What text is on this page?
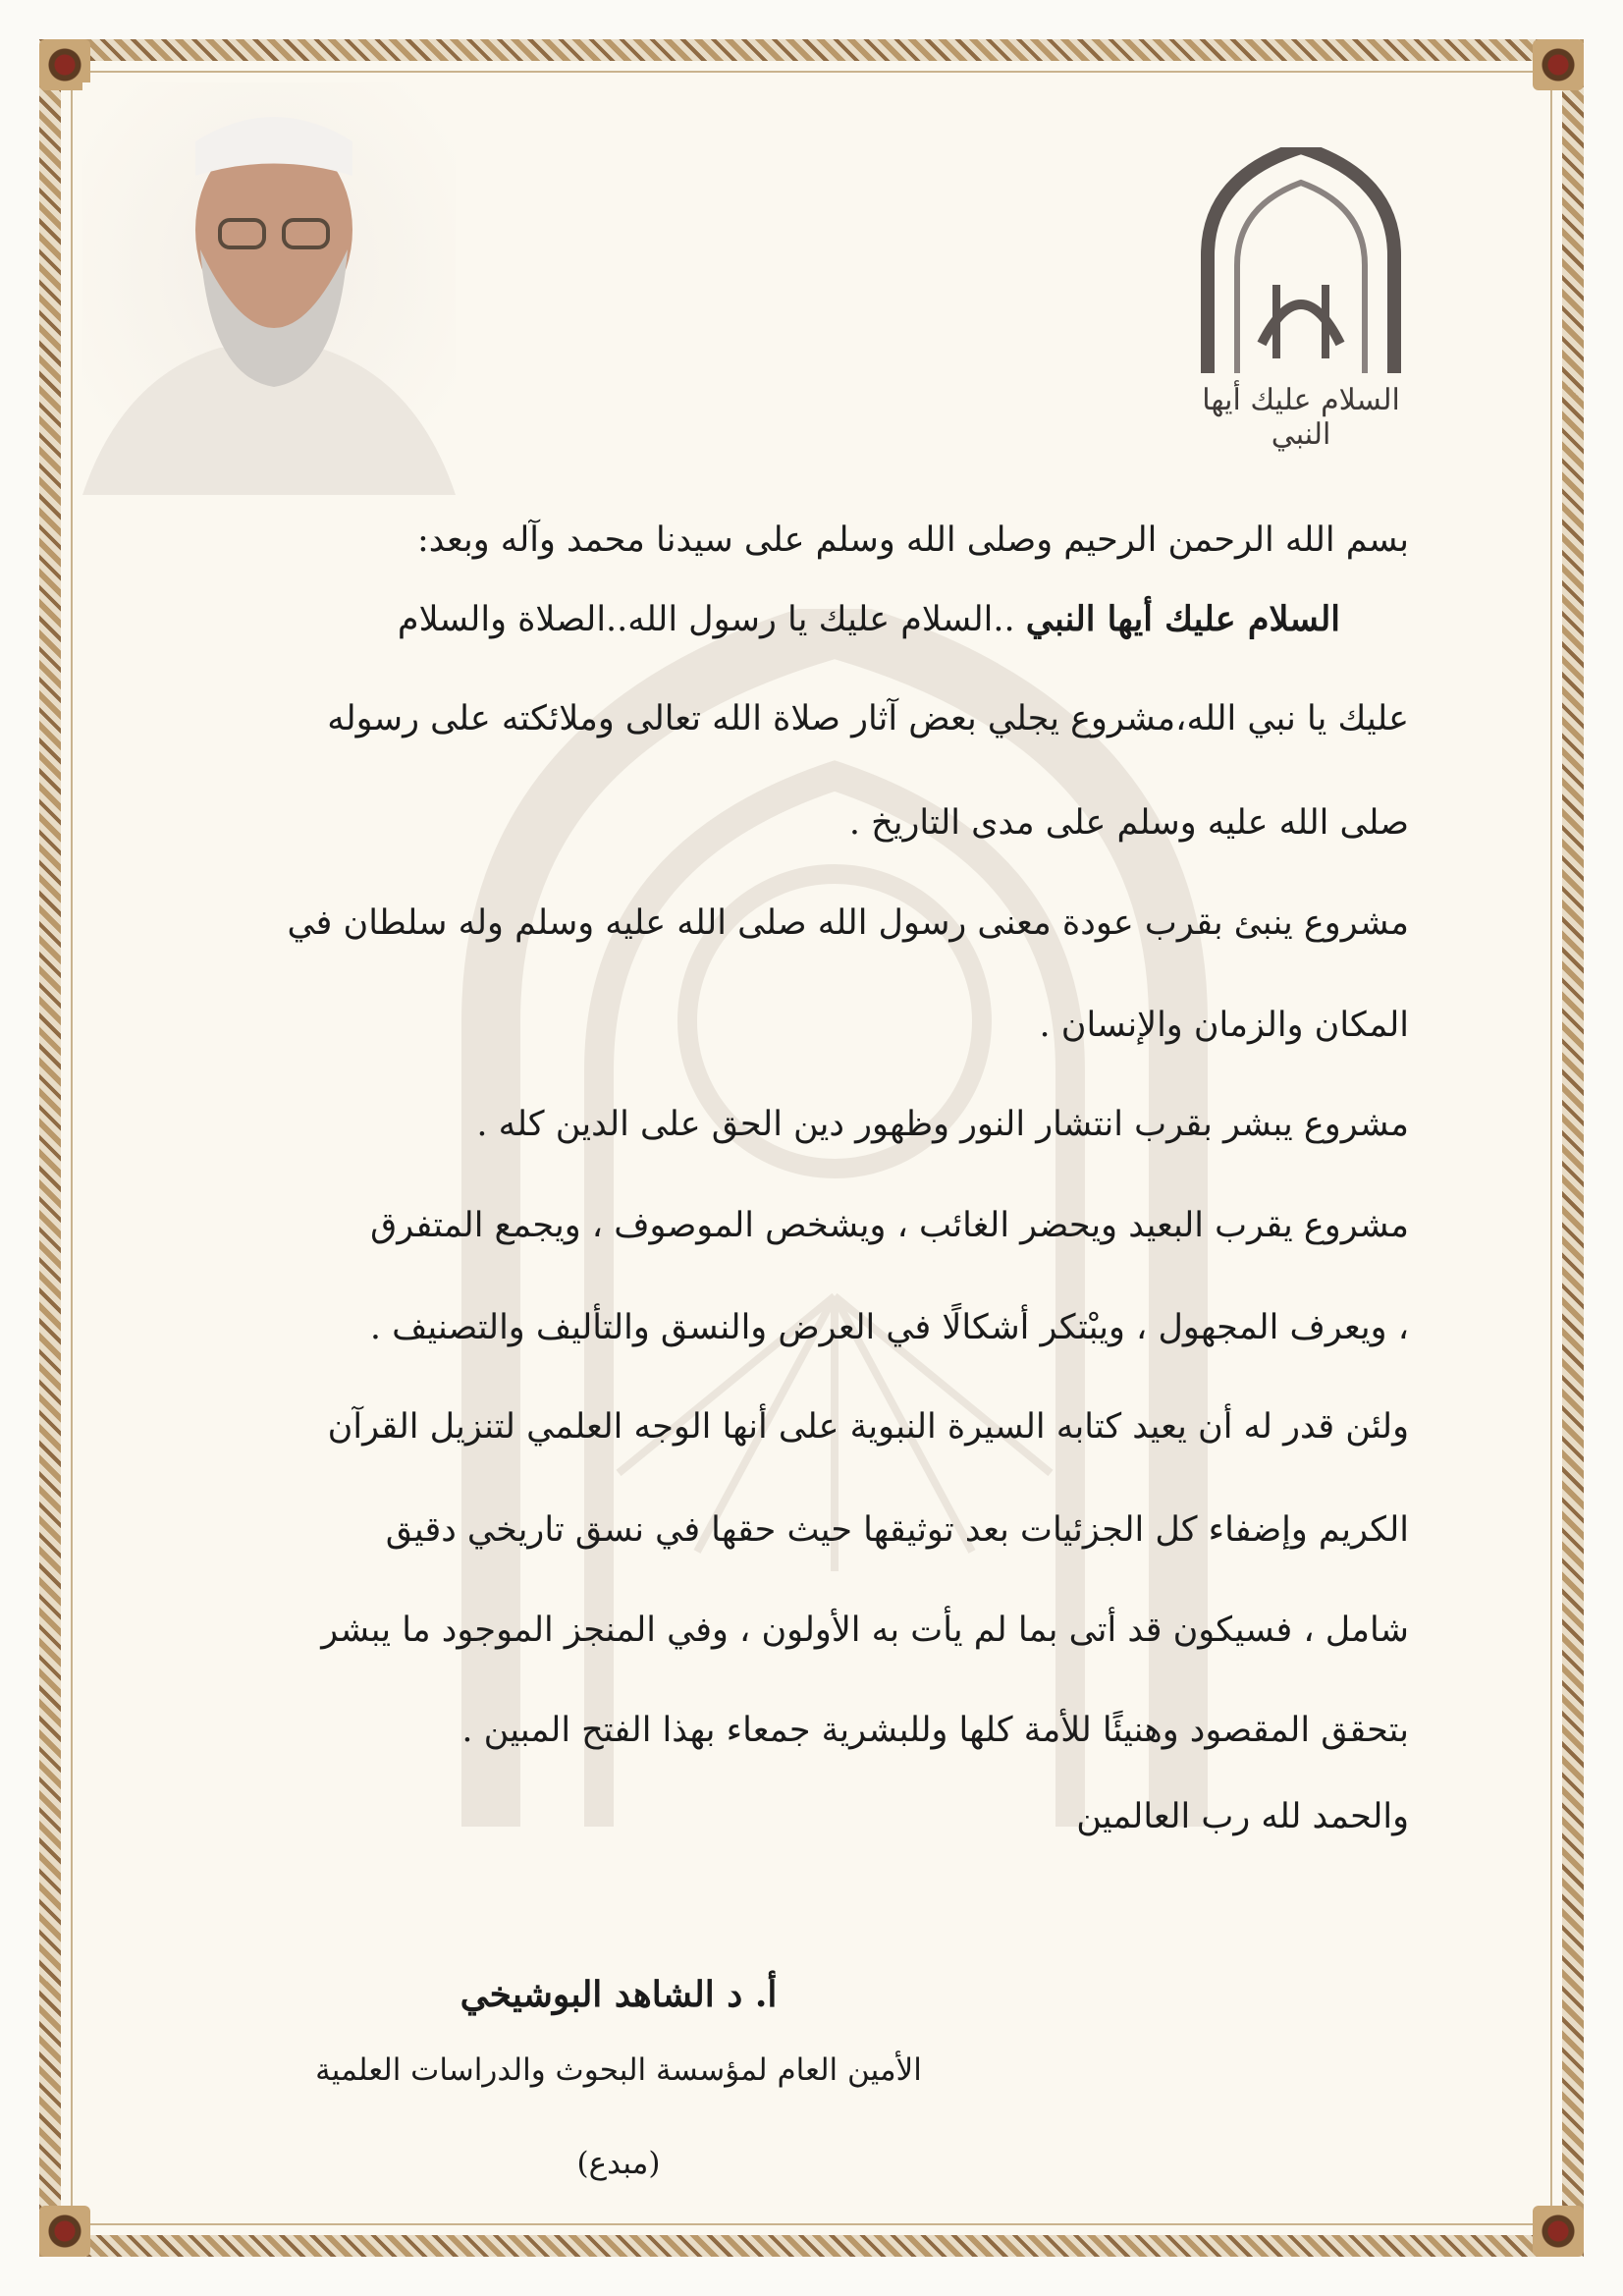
السلام عليك أيها النبي

بسم الله الرحمن الرحيم وصلى الله وسلم على سيدنا محمد وآله وبعد:

السلام عليك أيها النبي ..السلام عليك يا رسول الله..الصلاة والسلام

عليك يا نبي الله،مشروع يجلي بعض آثار صلاة الله تعالى وملائكته على رسوله

صلى الله عليه وسلم على مدى التاريخ .

مشروع ينبئ بقرب عودة معنى رسول الله صلى الله عليه وسلم وله سلطان في

المكان والزمان والإنسان .

مشروع يبشر بقرب انتشار النور وظهور دين الحق على الدين كله .

مشروع يقرب البعيد ويحضر الغائب ، ويشخص الموصوف ، ويجمع المتفرق

، ويعرف المجهول ، ويبْتكر أشكالًا في العرض والنسق والتأليف والتصنيف .

ولئن قدر له أن يعيد كتابه السيرة النبوية على أنها الوجه العلمي لتنزيل القرآن

الكريم وإضفاء كل الجزئيات بعد توثيقها حيث حقها في نسق تاريخي دقيق

شامل ، فسيكون قد أتى بما لم يأت به الأولون ، وفي المنجز الموجود ما يبشر

بتحقق المقصود وهنيئًا للأمة كلها وللبشرية جمعاء بهذا الفتح المبين .

والحمد لله رب العالمين

أ. د الشاهد البوشيخي
الأمين العام لمؤسسة البحوث والدراسات العلمية
(مبدع)
